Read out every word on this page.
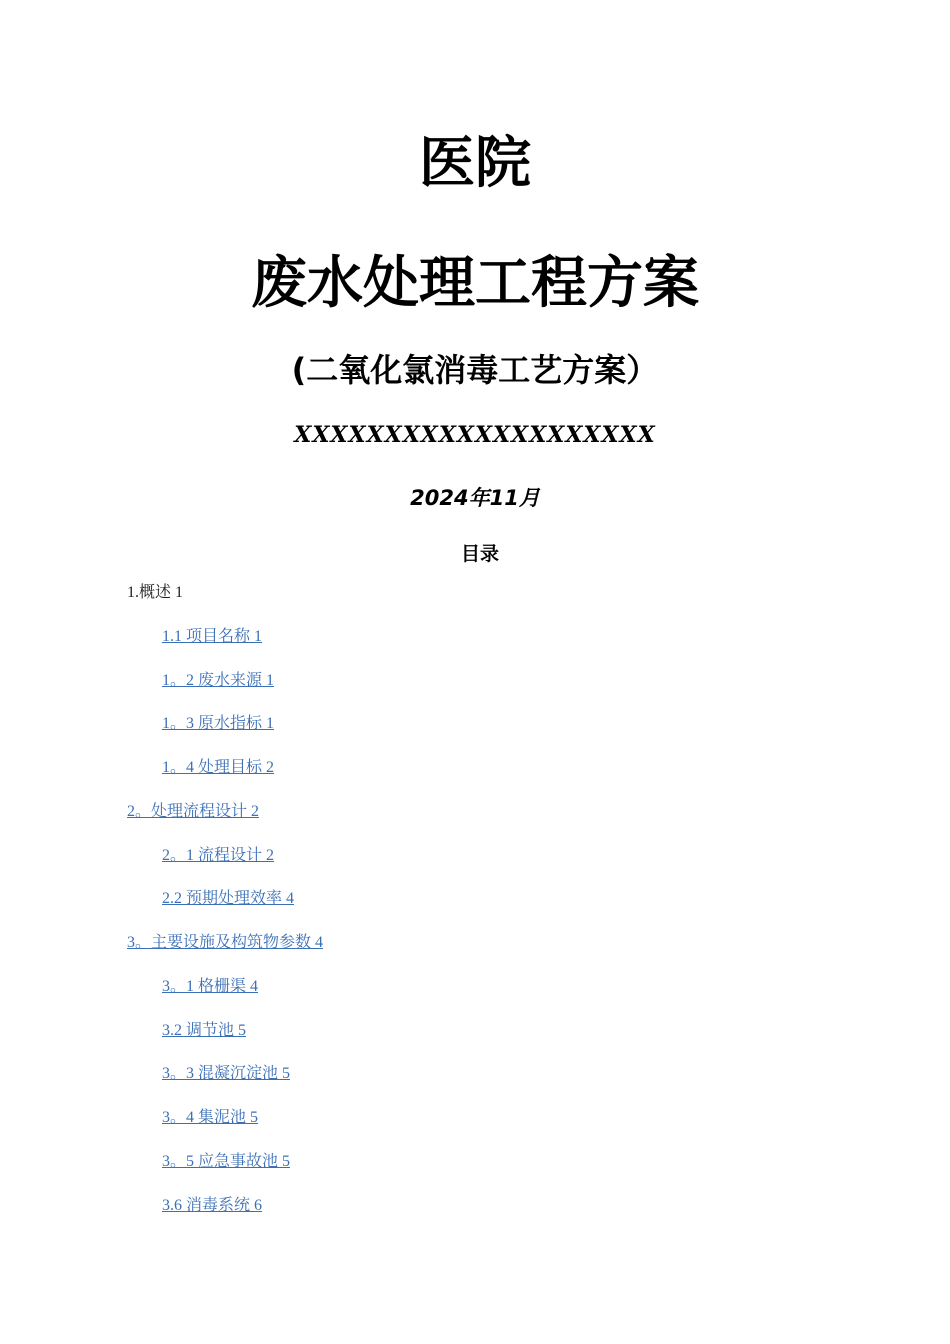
医院
废水处理工程方案
(二氧化氯消毒工艺方案）
XXXXXXXXXXXXXXXXXXXX
2024年11月
目录
1.概述 1
1.1 项目名称 1
1。2 废水来源 1
1。3 原水指标 1
1。4 处理目标 2
2。处理流程设计 2
2。1 流程设计 2
2.2 预期处理效率 4
3。主要设施及构筑物参数 4
3。1 格栅渠 4
3.2 调节池 5
3。3 混凝沉淀池 5
3。4 集泥池 5
3。5 应急事故池 5
3.6 消毒系统 6
